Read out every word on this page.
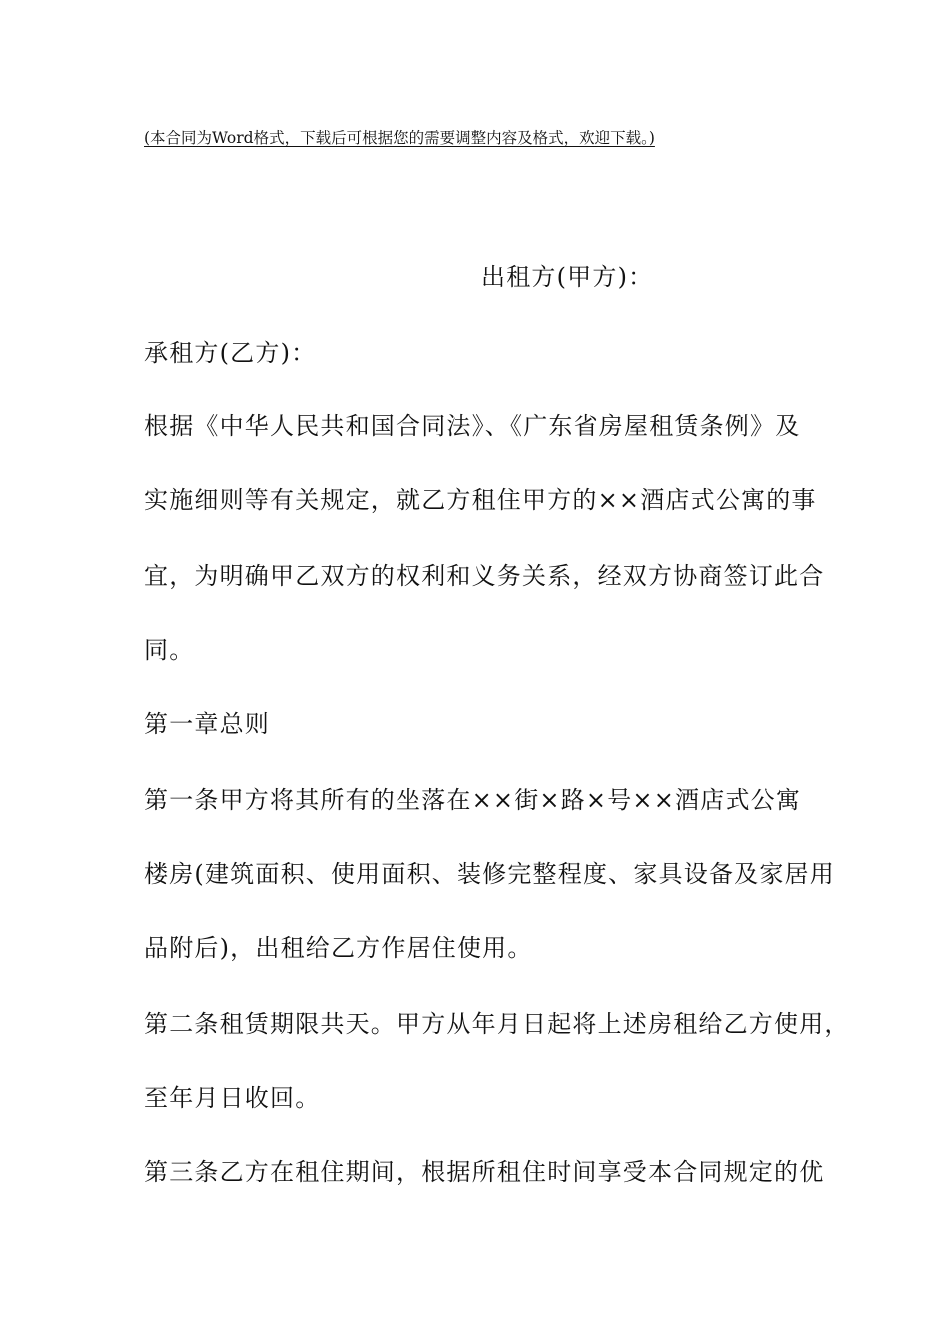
(本合同为Word格式，下载后可根据您的需要调整内容及格式，欢迎下载。)
出租方(甲方)：
承租方(乙方)：
根据《中华人民共和国合同法》、《广东省房屋租赁条例》及
实施细则等有关规定，就乙方租住甲方的××酒店式公寓的事
宜，为明确甲乙双方的权利和义务关系，经双方协商签订此合
同。
第一章总则
第一条甲方将其所有的坐落在××街×路×号××酒店式公寓
楼房(建筑面积、使用面积、装修完整程度、家具设备及家居用
品附后)，出租给乙方作居住使用。
第二条租赁期限共天。甲方从年月日起将上述房租给乙方使用，
至年月日收回。
第三条乙方在租住期间，根据所租住时间享受本合同规定的优
